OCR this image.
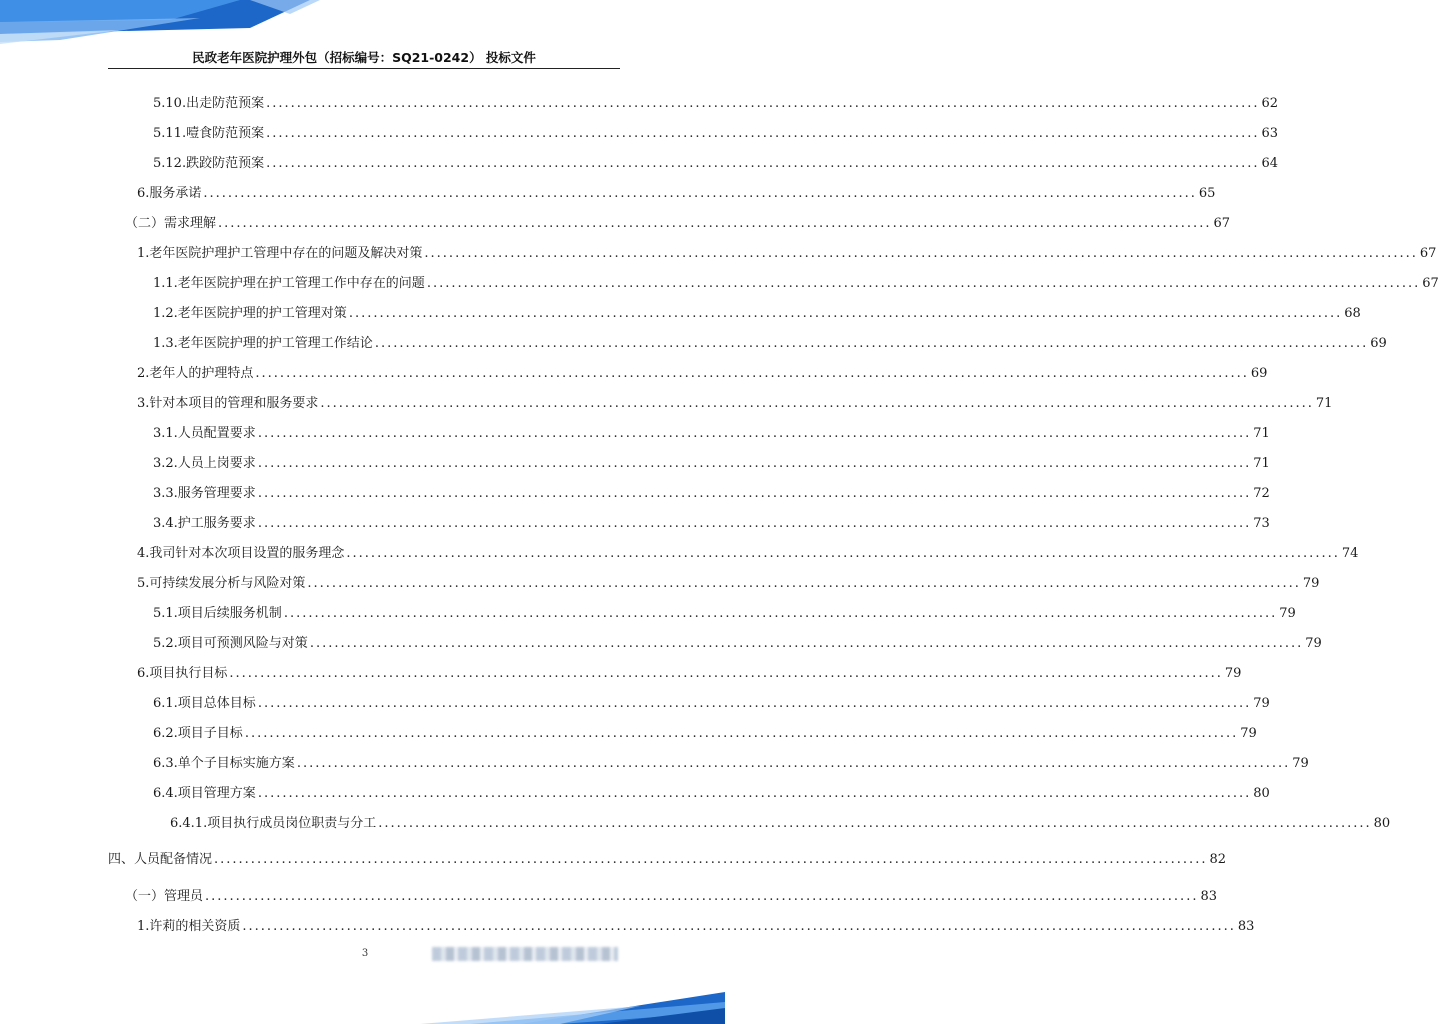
民政老年医院护理外包（招标编号：SQ21-0242） 投标文件
5.10.出走防范预案 .................................................................................................................................................................. 62
5.11.噎食防范预案 .................................................................................................................................................................. 63
5.12.跌跤防范预案 .................................................................................................................................................................. 64
6.服务承诺 .................................................................................................................................................................. 65
（二）需求理解 .................................................................................................................................................................. 67
1.老年医院护理护工管理中存在的问题及解决对策 .................................................................................................................................................................. 67
1.1.老年医院护理在护工管理工作中存在的问题 .................................................................................................................................................................. 67
1.2.老年医院护理的护工管理对策 .................................................................................................................................................................. 68
1.3.老年医院护理的护工管理工作结论 .................................................................................................................................................................. 69
2.老年人的护理特点 .................................................................................................................................................................. 69
3.针对本项目的管理和服务要求 .................................................................................................................................................................. 71
3.1.人员配置要求 .................................................................................................................................................................. 71
3.2.人员上岗要求 .................................................................................................................................................................. 71
3.3.服务管理要求 .................................................................................................................................................................. 72
3.4.护工服务要求 .................................................................................................................................................................. 73
4.我司针对本次项目设置的服务理念 .................................................................................................................................................................. 74
5.可持续发展分析与风险对策 .................................................................................................................................................................. 79
5.1.项目后续服务机制 .................................................................................................................................................................. 79
5.2.项目可预测风险与对策 .................................................................................................................................................................. 79
6.项目执行目标 .................................................................................................................................................................. 79
6.1.项目总体目标 .................................................................................................................................................................. 79
6.2.项目子目标 .................................................................................................................................................................. 79
6.3.单个子目标实施方案 .................................................................................................................................................................. 79
6.4.项目管理方案 .................................................................................................................................................................. 80
6.4.1.项目执行成员岗位职责与分工 .................................................................................................................................................................. 80
四、人员配备情况 .................................................................................................................................................................. 82
（一）管理员 .................................................................................................................................................................. 83
1.许莉的相关资质 .................................................................................................................................................................. 83
3
